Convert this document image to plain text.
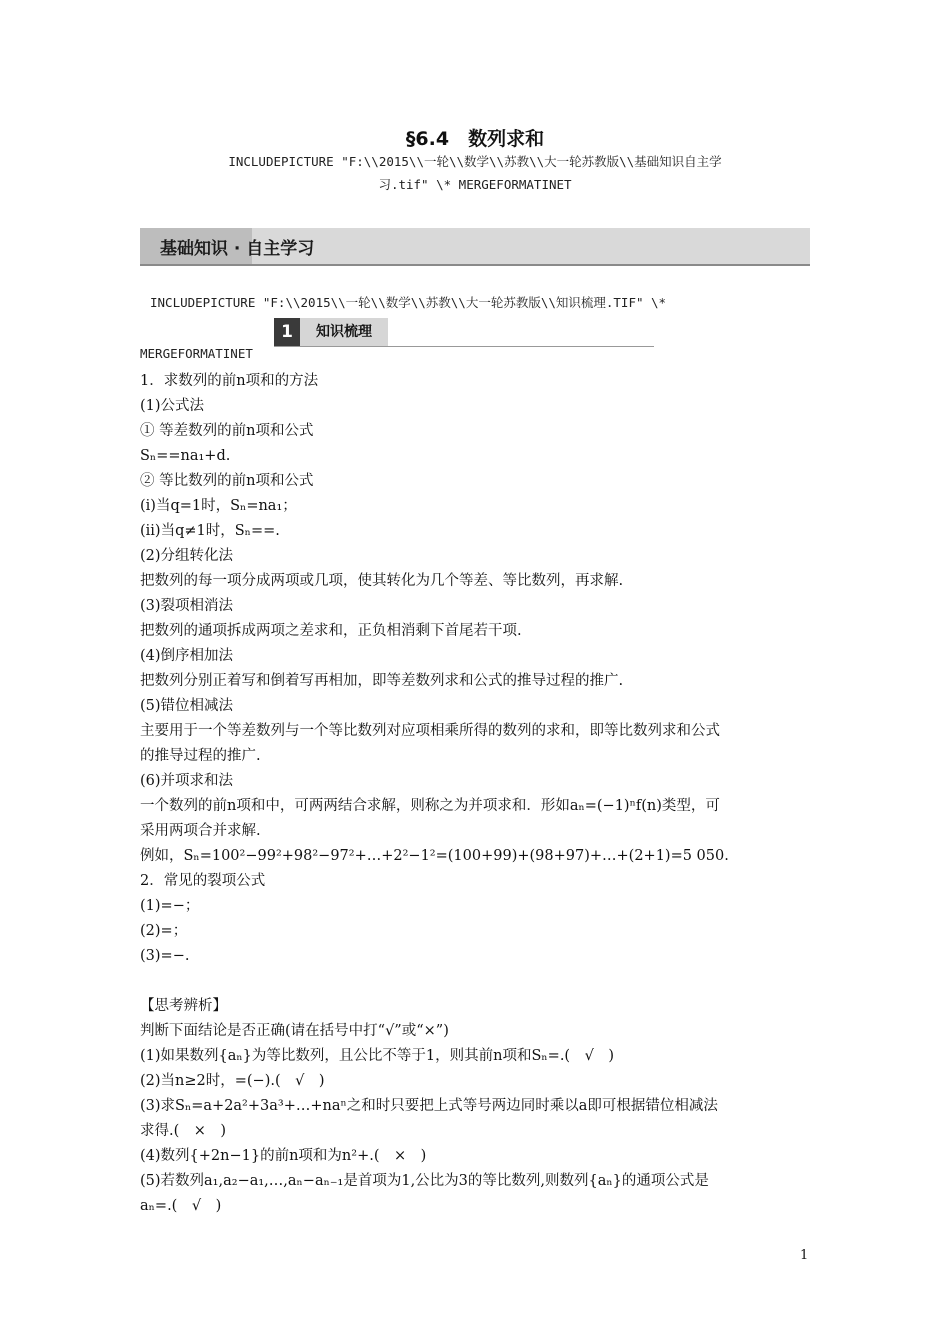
§6.4　数列求和
INCLUDEPICTURE "F:\\2015\\一轮\\数学\\苏教\\大一轮苏教版\\基础知识自主学
习.tif" \* MERGEFORMATINET
基础知识 · 自主学习
INCLUDEPICTURE "F:\\2015\\一轮\\数学\\苏教\\大一轮苏教版\\知识梳理.TIF" \*
1	知识梳理
MERGEFORMATINET
1．求数列的前n项和的方法
(1)公式法
① 等差数列的前n项和公式
Sₙ==na₁+d.
② 等比数列的前n项和公式
(i)当q=1时，Sₙ=na₁；
(ii)当q≠1时，Sₙ==.
(2)分组转化法
把数列的每一项分成两项或几项，使其转化为几个等差、等比数列，再求解.
(3)裂项相消法
把数列的通项拆成两项之差求和，正负相消剩下首尾若干项.
(4)倒序相加法
把数列分别正着写和倒着写再相加，即等差数列求和公式的推导过程的推广.
(5)错位相减法
主要用于一个等差数列与一个等比数列对应项相乘所得的数列的求和，即等比数列求和公式
的推导过程的推广.
(6)并项求和法
一个数列的前n项和中，可两两结合求解，则称之为并项求和．形如aₙ=(−1)ⁿf(n)类型，可
采用两项合并求解.
例如，Sₙ=100²−99²+98²−97²+…+2²−1²=(100+99)+(98+97)+…+(2+1)=5 050.
2．常见的裂项公式
(1)=−；
(2)=；
(3)=−.
【思考辨析】
判断下面结论是否正确(请在括号中打“√”或“×”)
(1)如果数列{aₙ}为等比数列，且公比不等于1，则其前n项和Sₙ=.(　√　)
(2)当n≥2时，=(−).(　√　)
(3)求Sₙ=a+2a²+3a³+…+naⁿ之和时只要把上式等号两边同时乘以a即可根据错位相减法
求得.(　×　)
(4)数列{+2n−1}的前n项和为n²+.(　×　)
(5)若数列a₁,a₂−a₁,…,aₙ−aₙ₋₁是首项为1,公比为3的等比数列,则数列{aₙ}的通项公式是
aₙ=.(　√　)
1
